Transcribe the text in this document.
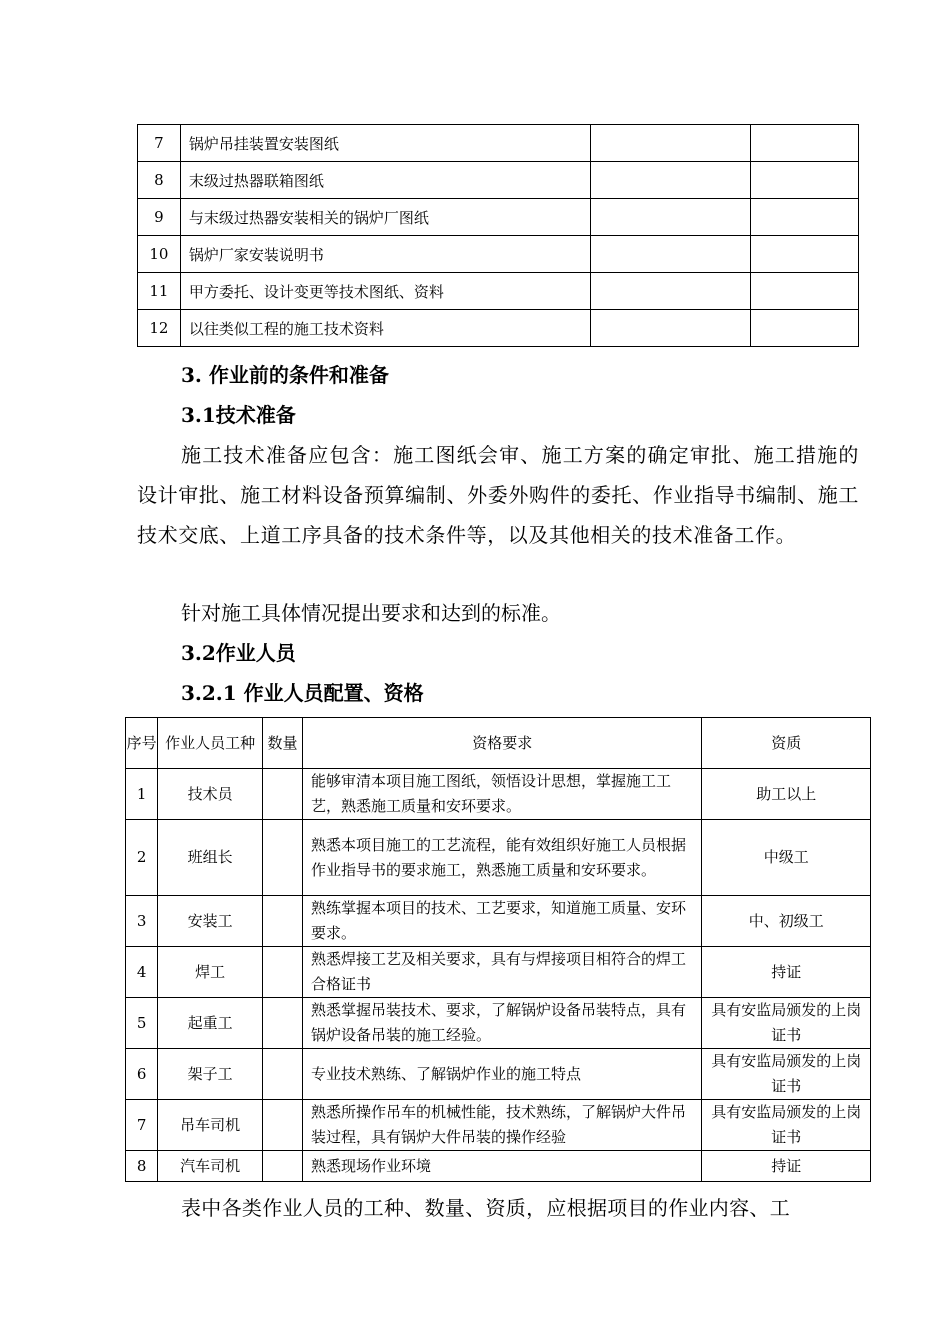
7	锅炉吊挂装置安装图纸		
8	末级过热器联箱图纸		
9	与末级过热器安装相关的锅炉厂图纸		
10	锅炉厂家安装说明书		
11	甲方委托、设计变更等技术图纸、资料		
12	以往类似工程的施工技术资料		
3. 作业前的条件和准备
3.1技术准备
施工技术准备应包含：施工图纸会审、施工方案的确定审批、施工措施的设计审批、施工材料设备预算编制、外委外购件的委托、作业指导书编制、施工技术交底、上道工序具备的技术条件等，以及其他相关的技术准备工作。
针对施工具体情况提出要求和达到的标准。
3.2作业人员
3.2.1 作业人员配置、资格
序号	作业人员工种	数量	资格要求	资质
1	技术员		能够审清本项目施工图纸，领悟设计思想，掌握施工工艺，熟悉施工质量和安环要求。	助工以上
2	班组长		熟悉本项目施工的工艺流程，能有效组织好施工人员根据作业指导书的要求施工，熟悉施工质量和安环要求。	中级工
3	安装工		熟练掌握本项目的技术、工艺要求，知道施工质量、安环要求。	中、初级工
4	焊工		熟悉焊接工艺及相关要求，具有与焊接项目相符合的焊工合格证书	持证
5	起重工		熟悉掌握吊装技术、要求，了解锅炉设备吊装特点，具有锅炉设备吊装的施工经验。	具有安监局颁发的上岗证书
6	架子工		专业技术熟练、了解锅炉作业的施工特点	具有安监局颁发的上岗证书
7	吊车司机		熟悉所操作吊车的机械性能，技术熟练，了解锅炉大件吊装过程，具有锅炉大件吊装的操作经验	具有安监局颁发的上岗证书
8	汽车司机		熟悉现场作业环境	持证
表中各类作业人员的工种、数量、资质，应根据项目的作业内容、工
